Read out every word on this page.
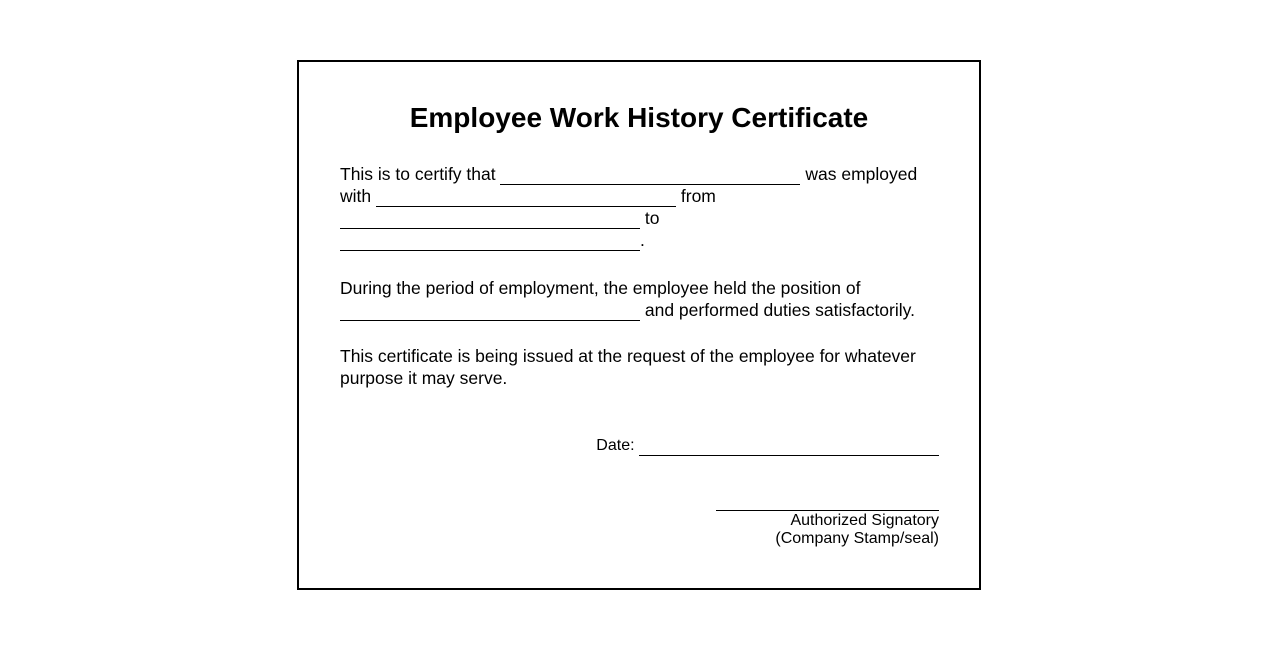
Employee Work History Certificate
This is to certify that	was employed
with	from
to
.
During the period of employment, the employee held the position of
and performed duties satisfactorily.

This certificate is being issued at the request of the employee for whatever purpose it may serve.

Date:
Authorized Signatory
(Company Stamp/seal)
